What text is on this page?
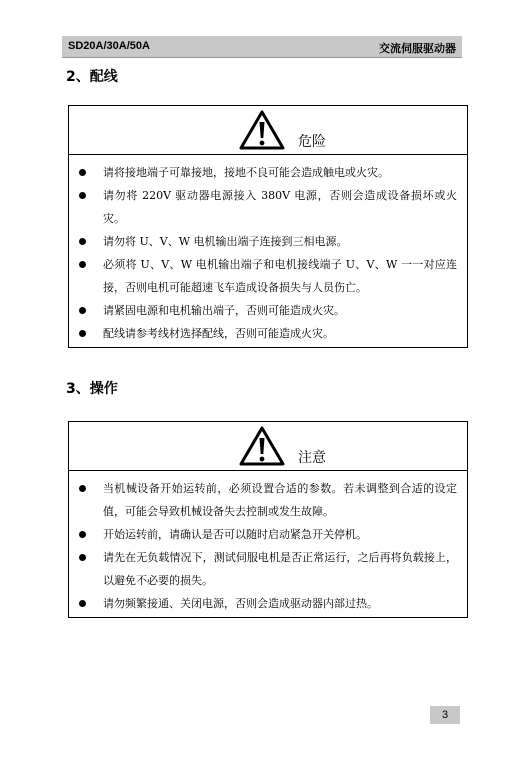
SD20A/30A/50A	交流伺服驱动器
2、配线
危险
请将接地端子可靠接地，接地不良可能会造成触电或火灾。
请勿将 220V 驱动器电源接入 380V 电源，否则会造成设备损坏或火灾。
请勿将 U、V、W 电机输出端子连接到三相电源。
必须将 U、V、W 电机输出端子和电机接线端子 U、V、W 一一对应连接，否则电机可能超速飞车造成设备损失与人员伤亡。
请紧固电源和电机输出端子，否则可能造成火灾。
配线请参考线材选择配线，否则可能造成火灾。
3、操作
注意
当机械设备开始运转前，必须设置合适的参数。若未调整到合适的设定值，可能会导致机械设备失去控制或发生故障。
开始运转前，请确认是否可以随时启动紧急开关停机。
请先在无负载情况下，测试伺服电机是否正常运行，之后再将负载接上，以避免不必要的损失。
请勿频繁接通、关闭电源，否则会造成驱动器内部过热。
3
